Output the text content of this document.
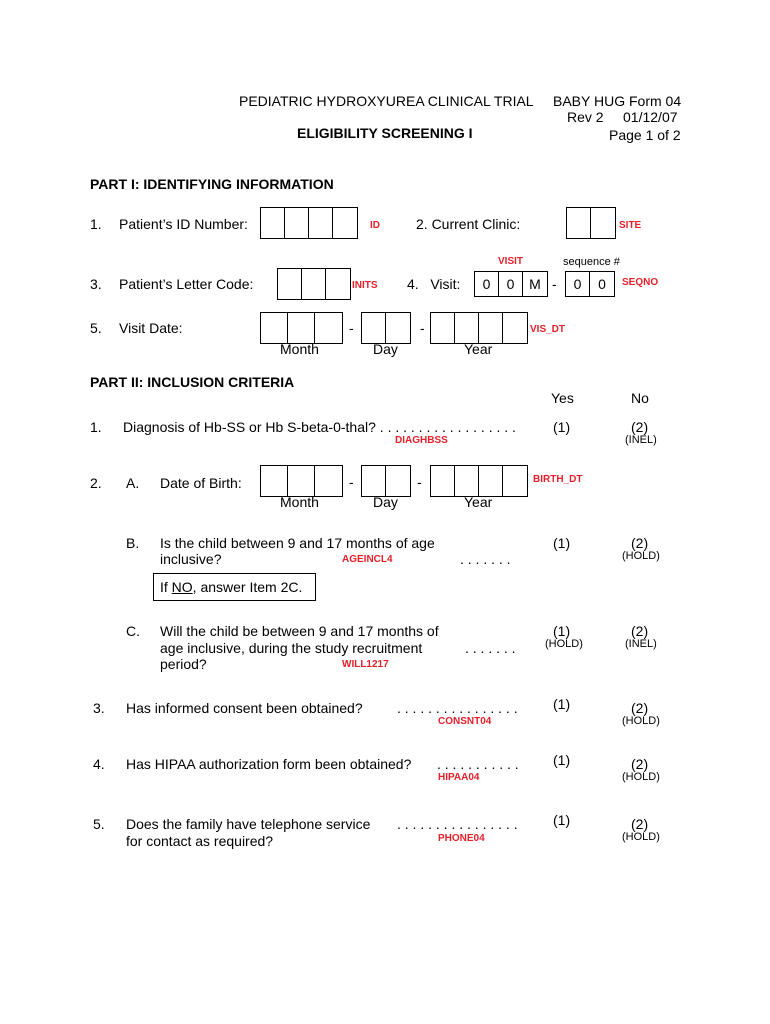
PEDIATRIC HYDROXYUREA CLINICAL TRIAL BABY HUG Form 04
Rev 2     01/12/07
Page 1 of 2
ELIGIBILITY SCREENING I
PART I: IDENTIFYING INFORMATION
1. Patient’s ID Number:	ID	2. Current Clinic:	SITE
VISIT	sequence #
3. Patient’s Letter Code:	INITS 4.   Visit:	0	0	M -	0	0	SEQNO
5. Visit Date:	-	-	VIS_DT
Month	Day	Year
PART II: INCLUSION CRITERIA
Yes	No
1. Diagnosis of Hb-SS or Hb S-beta-0-thal? . . . . . . . . . . . . . . . . . .
DIAGHBSS
(1)	(2)
(INEL)
2. A. Date of Birth:	-	-	BIRTH_DT
Month	Day	Year
B. Is the child between 9 and 17 months of age
inclusive?	AGEINCL4	. . . . . . .
(1)	(2)
(HOLD)
If NO, answer Item 2C.
C. Will the child be between 9 and 17 months of
age inclusive, during the study recruitment
period?	WILL1217
. . . . . . .
(1)
(HOLD)
(2)
(INEL)
3. Has informed consent been obtained? . . . . . . . . . . . . . . . .
CONSNT04
(1)	(2)
(HOLD)
4. Has HIPAA authorization form been obtained? . . . . . . . . . . .
HIPAA04
(1)	(2)
(HOLD)
5. Does the family have telephone service
for contact as required?
. . . . . . . . . . . . . . . .
PHONE04
(1)	(2)
(HOLD)
